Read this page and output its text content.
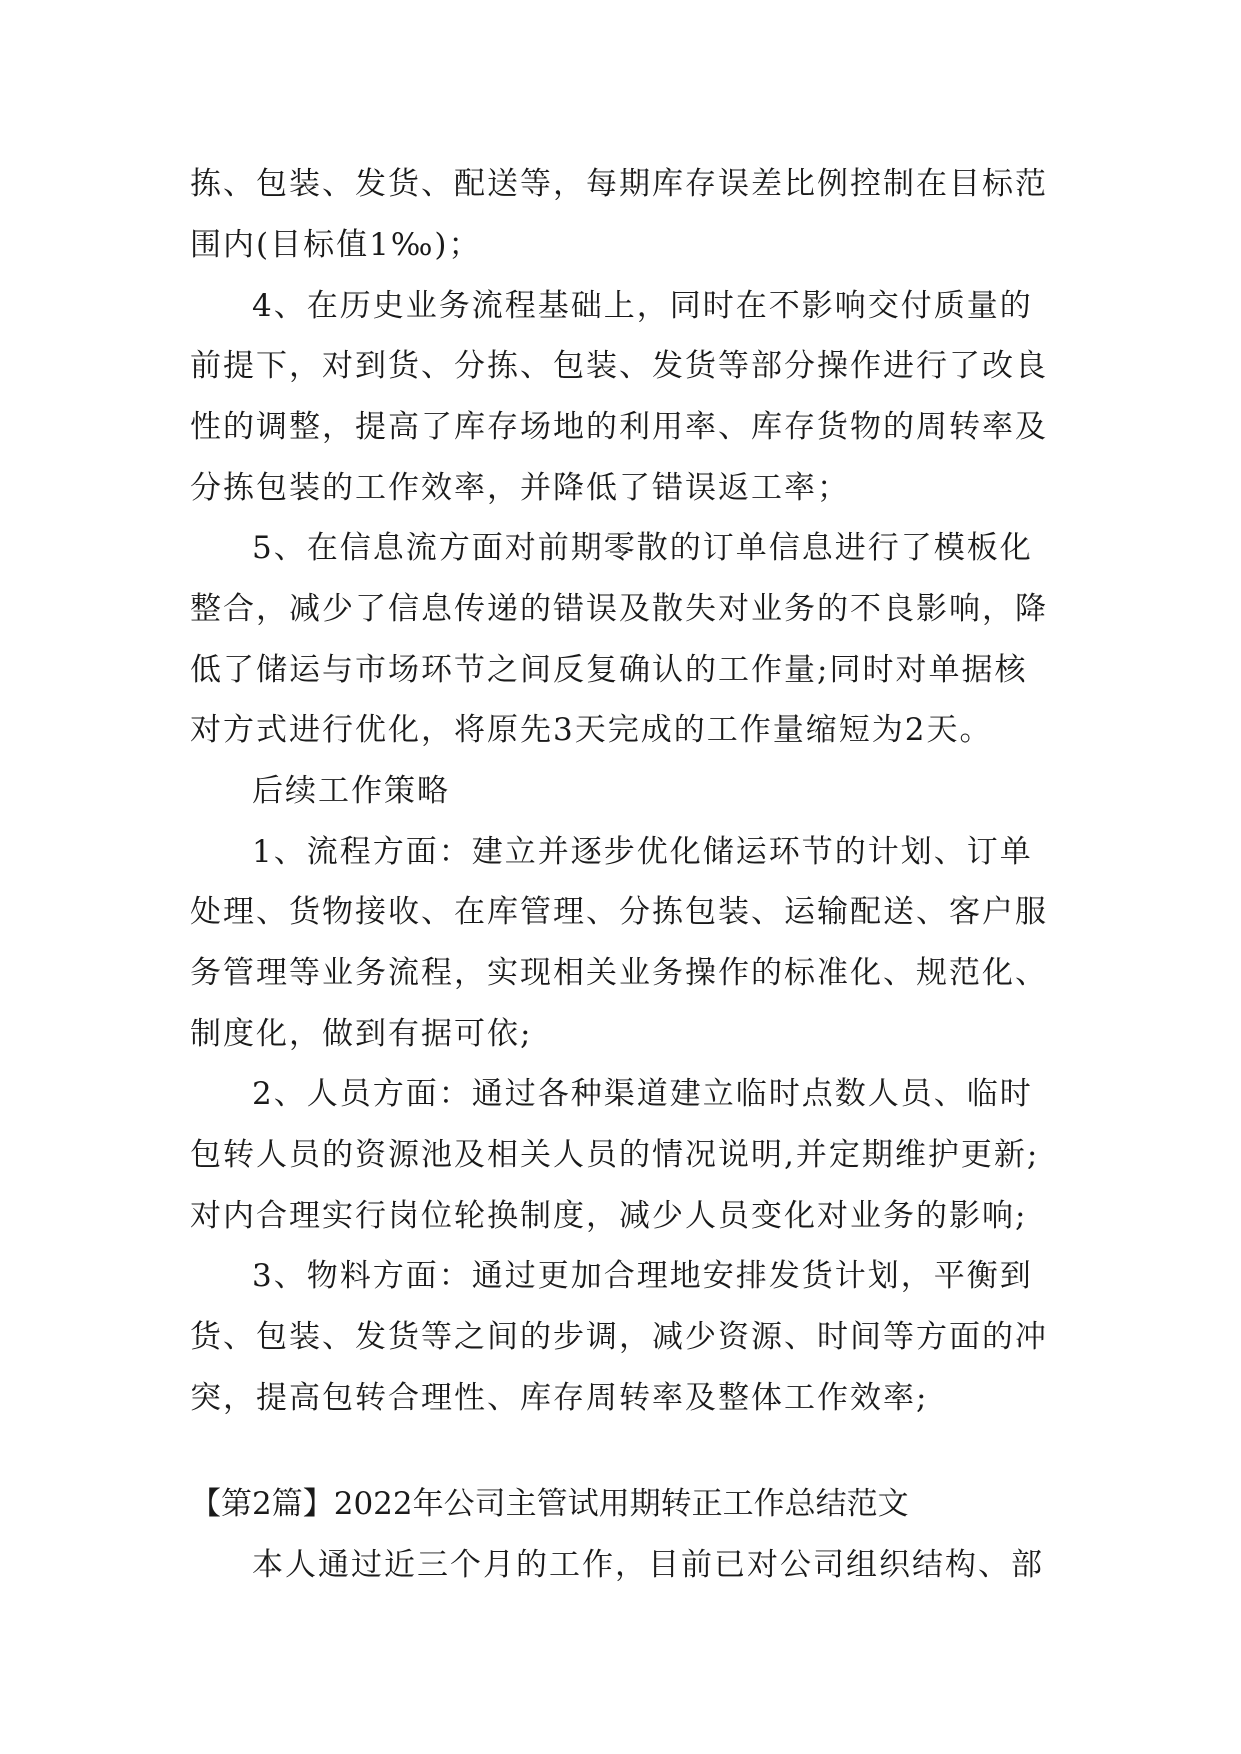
拣、包装、发货、配送等，每期库存误差比例控制在目标范
围内(目标值1‰)；
4、在历史业务流程基础上，同时在不影响交付质量的
前提下，对到货、分拣、包装、发货等部分操作进行了改良
性的调整，提高了库存场地的利用率、库存货物的周转率及
分拣包装的工作效率，并降低了错误返工率；
5、在信息流方面对前期零散的订单信息进行了模板化
整合，减少了信息传递的错误及散失对业务的不良影响，降
低了储运与市场环节之间反复确认的工作量;同时对单据核
对方式进行优化，将原先3天完成的工作量缩短为2天。
后续工作策略
1、流程方面：建立并逐步优化储运环节的计划、订单
处理、货物接收、在库管理、分拣包装、运输配送、客户服
务管理等业务流程，实现相关业务操作的标准化、规范化、
制度化，做到有据可依;
2、人员方面：通过各种渠道建立临时点数人员、临时
包转人员的资源池及相关人员的情况说明,并定期维护更新;
对内合理实行岗位轮换制度，减少人员变化对业务的影响;
3、物料方面：通过更加合理地安排发货计划，平衡到
货、包装、发货等之间的步调，减少资源、时间等方面的冲
突，提高包转合理性、库存周转率及整体工作效率;
【第2篇】2022年公司主管试用期转正工作总结范文
本人通过近三个月的工作，目前已对公司组织结构、部
